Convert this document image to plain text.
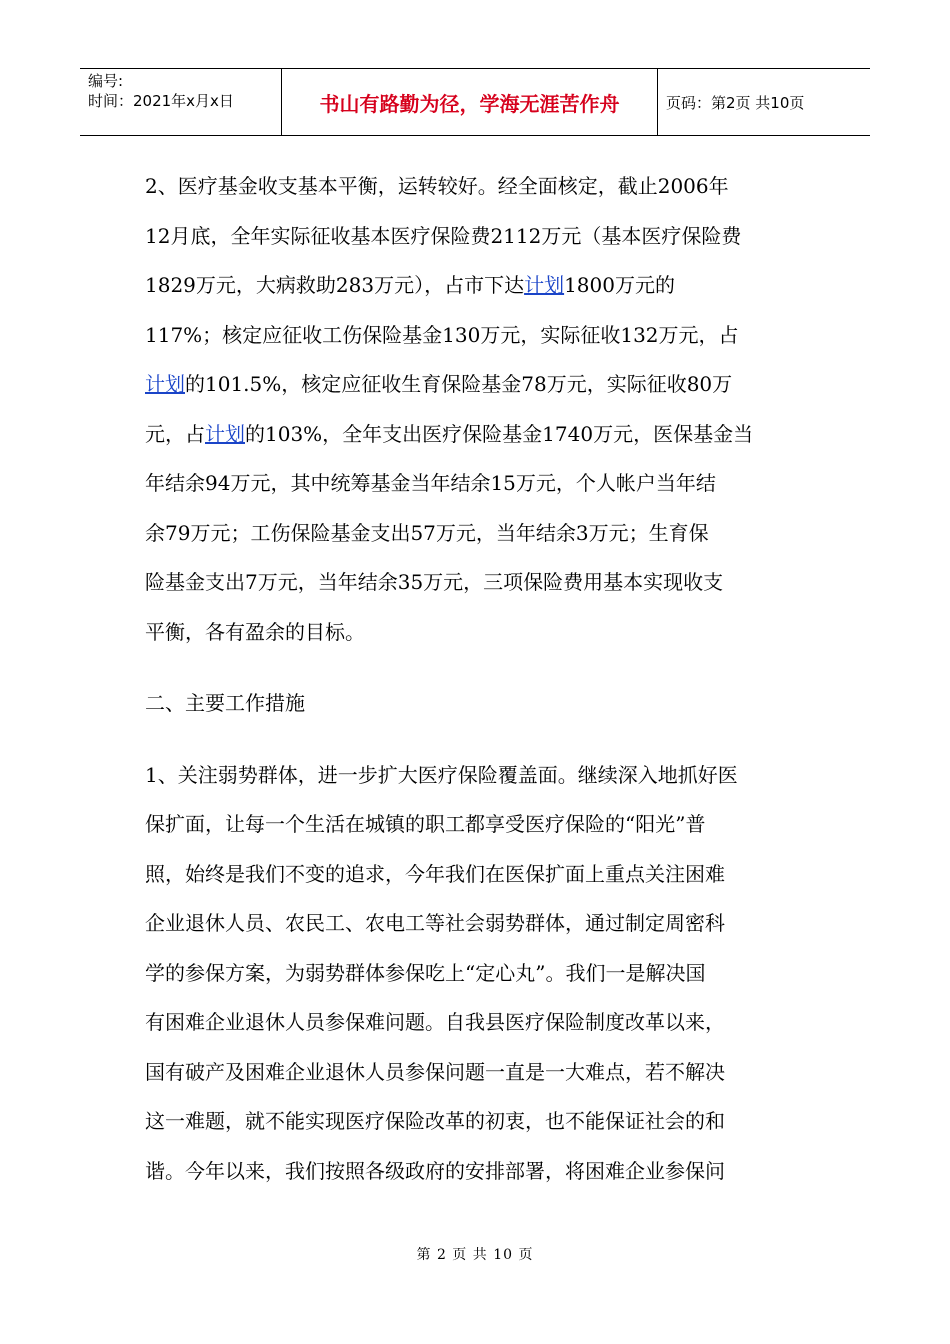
编号:
时间：2021年x月x日	书山有路勤为径，学海无涯苦作舟	页码：第2页 共10页

2、医疗基金收支基本平衡，运转较好。经全面核定，截止2006年
12月底，全年实际征收基本医疗保险费2112万元（基本医疗保险费
1829万元，大病救助283万元），占市下达计划1800万元的
117%；核定应征收工伤保险基金130万元，实际征收132万元，占
计划的101.5%，核定应征收生育保险基金78万元，实际征收80万
元，占计划的103%，全年支出医疗保险基金1740万元，医保基金当
年结余94万元，其中统筹基金当年结余15万元，个人帐户当年结
余79万元；工伤保险基金支出57万元，当年结余3万元；生育保
险基金支出7万元，当年结余35万元，三项保险费用基本实现收支
平衡，各有盈余的目标。

二、主要工作措施

1、关注弱势群体，进一步扩大医疗保险覆盖面。继续深入地抓好医
保扩面，让每一个生活在城镇的职工都享受医疗保险的“阳光”普
照，始终是我们不变的追求，今年我们在医保扩面上重点关注困难
企业退休人员、农民工、农电工等社会弱势群体，通过制定周密科
学的参保方案，为弱势群体参保吃上“定心丸”。我们一是解决国
有困难企业退休人员参保难问题。自我县医疗保险制度改革以来，
国有破产及困难企业退休人员参保问题一直是一大难点，若不解决
这一难题，就不能实现医疗保险改革的初衷，也不能保证社会的和
谐。今年以来，我们按照各级政府的安排部署，将困难企业参保问

第 2 页 共 10 页
